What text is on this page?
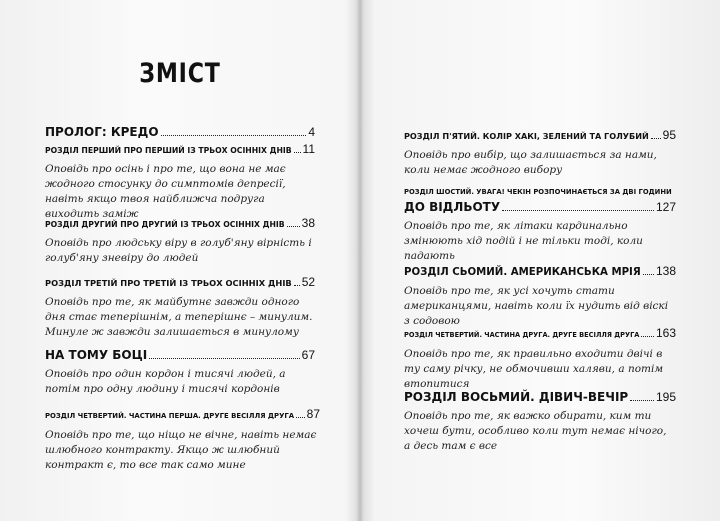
ЗМІСТ
ПРОЛОГ: КРЕДО	4
РОЗДІЛ ПЕРШИЙ ПРО ПЕРШИЙ ІЗ ТРЬОХ ОСІННІХ ДНІВ 11
Оповідь про осінь і про те, що вона не має жодного стосунку до симптомів депресії, навіть якщо твоя найближча подруга виходить заміж
РОЗДІЛ ДРУГИЙ ПРО ДРУГИЙ ІЗ ТРЬОХ ОСІННІХ ДНІВ 38
Оповідь про людську віру в голуб'яну вірність і голуб'яну зневіру до людей
РОЗДІЛ ТРЕТІЙ ПРО ТРЕТІЙ ІЗ ТРЬОХ ОСІННІХ ДНІВ 52
Оповідь про те, як майбутнє завжди одного дня стає теперішнім, а теперішнє – минулим. Минуле ж завжди залишається в минулому
НА ТОМУ БОЦІ	67
Оповідь про один кордон і тисячі людей, а потім про одну людину і тисячі кордонів
РОЗДІЛ ЧЕТВЕРТИЙ. ЧАСТИНА ПЕРША. ДРУГЕ ВЕСІЛЛЯ ДРУГА 87
Оповідь про те, що ніщо не вічне, навіть немає шлюбного контракту. Якщо ж шлюбний контракт є, то все так само мине
РОЗДІЛ П'ЯТИЙ. КОЛІР ХАКІ, ЗЕЛЕНИЙ ТА ГОЛУБИЙ 95
Оповідь про вибір, що залишається за нами, коли немає жодного вибору
РОЗДІЛ ШОСТИЙ. УВАГА! ЧЕКІН РОЗПОЧИНАЄТЬСЯ ЗА ДВІ ГОДИНИ
ДО ВІДЛЬОТУ	127
Оповідь про те, як літаки кардинально змінюють хід подій і не тільки тоді, коли падають
РОЗДІЛ СЬОМИЙ. АМЕРИКАНСЬКА МРІЯ 138
Оповідь про те, як усі хочуть стати американцями, навіть коли їх нудить від віскі з содовою
РОЗДІЛ ЧЕТВЕРТИЙ. ЧАСТИНА ДРУГА. ДРУГЕ ВЕСІЛЛЯ ДРУГА 163
Оповідь про те, як правильно входити двічі в ту саму річку, не обмочивши халяви, а потім втопитися
РОЗДІЛ ВОСЬМИЙ. ДІВИЧ-ВЕЧІР 195
Оповідь про те, як важко обирати, ким ти хочеш бути, особливо коли тут немає нічого, а десь там є все
